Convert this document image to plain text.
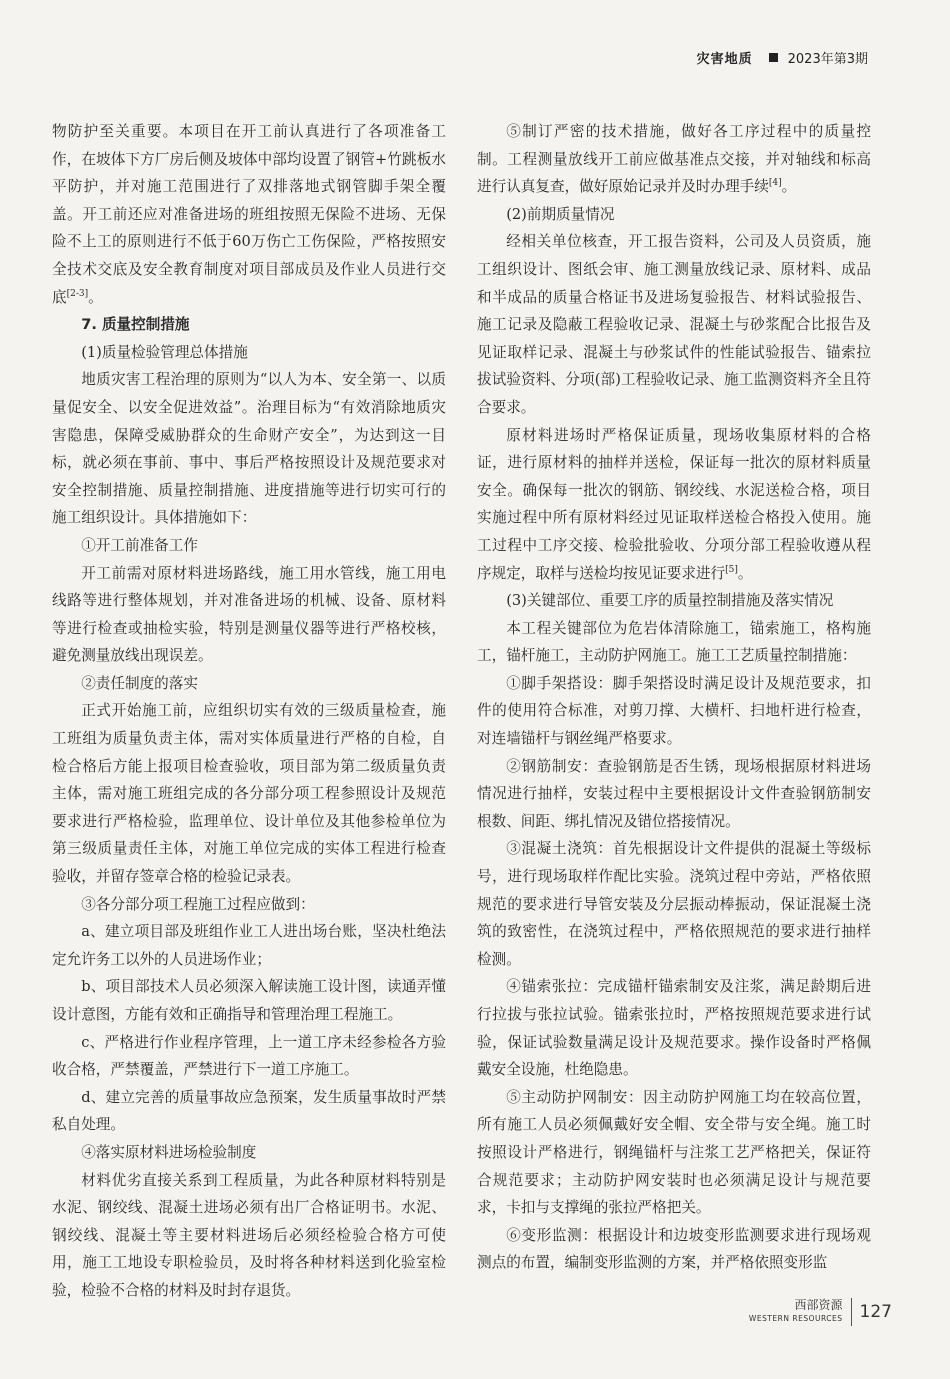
灾害地质	2023年第3期

物防护至关重要。本项目在开工前认真进行了各项准备工作，在坡体下方厂房后侧及坡体中部均设置了钢管+竹跳板水平防护，并对施工范围进行了双排落地式钢管脚手架全覆盖。开工前还应对准备进场的班组按照无保险不进场、无保险不上工的原则进行不低于60万伤亡工伤保险，严格按照安全技术交底及安全教育制度对项目部成员及作业人员进行交底[2-3]。

7. 质量控制措施

(1)质量检验管理总体措施

地质灾害工程治理的原则为“以人为本、安全第一、以质量促安全、以安全促进效益”。治理目标为“有效消除地质灾害隐患，保障受威胁群众的生命财产安全”，为达到这一目标，就必须在事前、事中、事后严格按照设计及规范要求对安全控制措施、质量控制措施、进度措施等进行切实可行的施工组织设计。具体措施如下：

①开工前准备工作

开工前需对原材料进场路线，施工用水管线，施工用电线路等进行整体规划，并对准备进场的机械、设备、原材料等进行检查或抽检实验，特别是测量仪器等进行严格校核，避免测量放线出现误差。

②责任制度的落实

正式开始施工前，应组织切实有效的三级质量检查，施工班组为质量负责主体，需对实体质量进行严格的自检，自检合格后方能上报项目检查验收，项目部为第二级质量负责主体，需对施工班组完成的各分部分项工程参照设计及规范要求进行严格检验，监理单位、设计单位及其他参检单位为第三级质量责任主体，对施工单位完成的实体工程进行检查验收，并留存签章合格的检验记录表。

③各分部分项工程施工过程应做到：

a、建立项目部及班组作业工人进出场台账，坚决杜绝法定允许务工以外的人员进场作业；

b、项目部技术人员必须深入解读施工设计图，读通弄懂设计意图，方能有效和正确指导和管理治理工程施工。

c、严格进行作业程序管理，上一道工序未经参检各方验收合格，严禁覆盖，严禁进行下一道工序施工。

d、建立完善的质量事故应急预案，发生质量事故时严禁私自处理。

④落实原材料进场检验制度

材料优劣直接关系到工程质量，为此各种原材料特别是水泥、钢绞线、混凝土进场必须有出厂合格证明书。水泥、钢绞线、混凝土等主要材料进场后必须经检验合格方可使用，施工工地设专职检验员，及时将各种材料送到化验室检验，检验不合格的材料及时封存退货。

⑤制订严密的技术措施，做好各工序过程中的质量控制。工程测量放线开工前应做基准点交接，并对轴线和标高进行认真复查，做好原始记录并及时办理手续[4]。

(2)前期质量情况

经相关单位核查，开工报告资料，公司及人员资质，施工组织设计、图纸会审、施工测量放线记录、原材料、成品和半成品的质量合格证书及进场复验报告、材料试验报告、施工记录及隐蔽工程验收记录、混凝土与砂浆配合比报告及见证取样记录、混凝土与砂浆试件的性能试验报告、锚索拉拔试验资料、分项(部)工程验收记录、施工监测资料齐全且符合要求。

原材料进场时严格保证质量，现场收集原材料的合格证，进行原材料的抽样并送检，保证每一批次的原材料质量安全。确保每一批次的钢筋、钢绞线、水泥送检合格，项目实施过程中所有原材料经过见证取样送检合格投入使用。施工过程中工序交接、检验批验收、分项分部工程验收遵从程序规定，取样与送检均按见证要求进行[5]。

(3)关键部位、重要工序的质量控制措施及落实情况

本工程关键部位为危岩体清除施工，锚索施工，格构施工，锚杆施工，主动防护网施工。施工工艺质量控制措施：

①脚手架搭设：脚手架搭设时满足设计及规范要求，扣件的使用符合标准，对剪刀撑、大横杆、扫地杆进行检查，对连墙锚杆与钢丝绳严格要求。

②钢筋制安：查验钢筋是否生锈，现场根据原材料进场情况进行抽样，安装过程中主要根据设计文件查验钢筋制安根数、间距、绑扎情况及错位搭接情况。

③混凝土浇筑：首先根据设计文件提供的混凝土等级标号，进行现场取样作配比实验。浇筑过程中旁站，严格依照规范的要求进行导管安装及分层振动棒振动，保证混凝土浇筑的致密性，在浇筑过程中，严格依照规范的要求进行抽样检测。

④锚索张拉：完成锚杆锚索制安及注浆，满足龄期后进行拉拔与张拉试验。锚索张拉时，严格按照规范要求进行试验，保证试验数量满足设计及规范要求。操作设备时严格佩戴安全设施，杜绝隐患。

⑤主动防护网制安：因主动防护网施工均在较高位置，所有施工人员必须佩戴好安全帽、安全带与安全绳。施工时按照设计严格进行，钢绳锚杆与注浆工艺严格把关，保证符合规范要求；主动防护网安装时也必须满足设计与规范要求，卡扣与支撑绳的张拉严格把关。

⑥变形监测：根据设计和边坡变形监测要求进行现场观测点的布置，编制变形监测的方案，并严格依照变形监

西部资源
WESTERN RESOURCES 127
